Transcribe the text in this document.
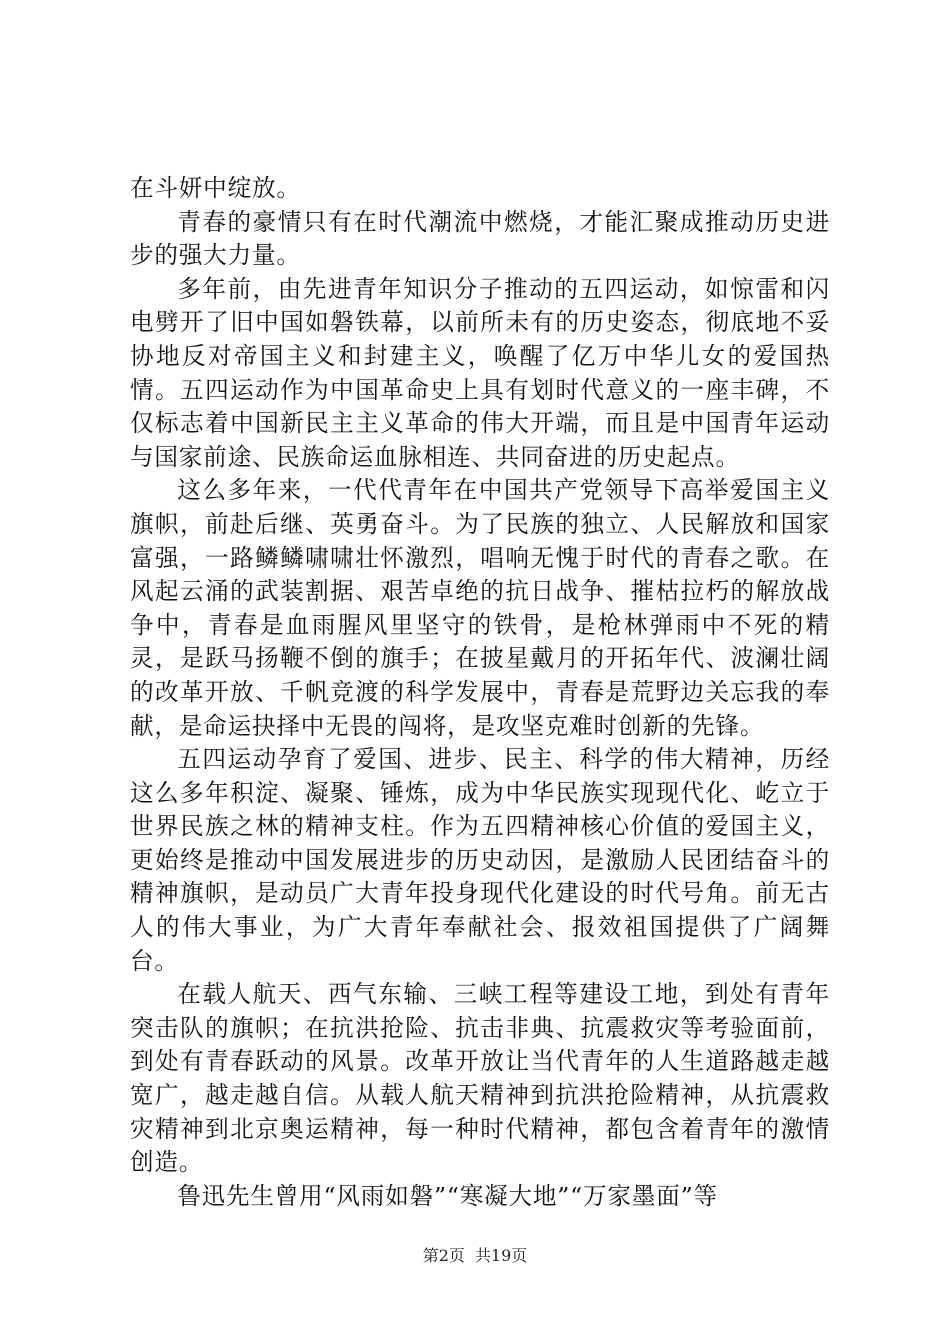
在斗妍中绽放。

青春的豪情只有在时代潮流中燃烧，才能汇聚成推动历史进步的强大力量。

多年前，由先进青年知识分子推动的五四运动，如惊雷和闪电劈开了旧中国如磐铁幕，以前所未有的历史姿态，彻底地不妥协地反对帝国主义和封建主义，唤醒了亿万中华儿女的爱国热情。五四运动作为中国革命史上具有划时代意义的一座丰碑，不仅标志着中国新民主主义革命的伟大开端，而且是中国青年运动与国家前途、民族命运血脉相连、共同奋进的历史起点。

这么多年来，一代代青年在中国共产党领导下高举爱国主义旗帜，前赴后继、英勇奋斗。为了民族的独立、人民解放和国家富强，一路鳞鳞啸啸壮怀激烈，唱响无愧于时代的青春之歌。在风起云涌的武装割据、艰苦卓绝的抗日战争、摧枯拉朽的解放战争中，青春是血雨腥风里坚守的铁骨，是枪林弹雨中不死的精灵，是跃马扬鞭不倒的旗手；在披星戴月的开拓年代、波澜壮阔的改革开放、千帆竞渡的科学发展中，青春是荒野边关忘我的奉献，是命运抉择中无畏的闯将，是攻坚克难时创新的先锋。

五四运动孕育了爱国、进步、民主、科学的伟大精神，历经这么多年积淀、凝聚、锤炼，成为中华民族实现现代化、屹立于世界民族之林的精神支柱。作为五四精神核心价值的爱国主义，更始终是推动中国发展进步的历史动因，是激励人民团结奋斗的精神旗帜，是动员广大青年投身现代化建设的时代号角。前无古人的伟大事业，为广大青年奉献社会、报效祖国提供了广阔舞台。

在载人航天、西气东输、三峡工程等建设工地，到处有青年突击队的旗帜；在抗洪抢险、抗击非典、抗震救灾等考验面前，到处有青春跃动的风景。改革开放让当代青年的人生道路越走越宽广，越走越自信。从载人航天精神到抗洪抢险精神，从抗震救灾精神到北京奥运精神，每一种时代精神，都包含着青年的激情创造。

鲁迅先生曾用“风雨如磐”“寒凝大地”“万家墨面”等

第2页 共19页
